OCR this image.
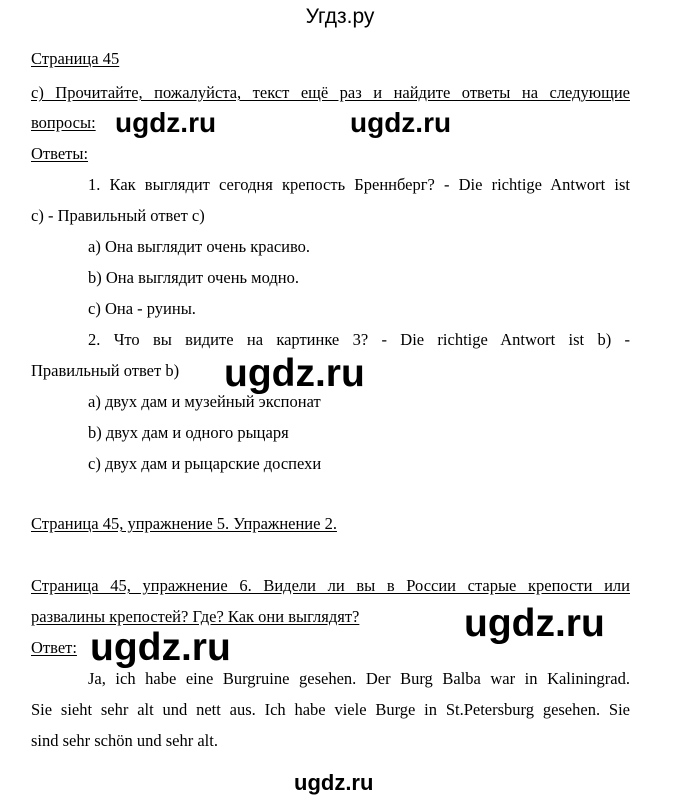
Угдз.ру
Страница 45
c) Прочитайте, пожалуйста, текст ещё раз и найдите ответы на следующие
вопросы:
Ответы:
1. Как выглядит сегодня крепость Бреннберг? - Die richtige Antwort ist
c) - Правильный ответ c)
a) Она выглядит очень красиво.
b) Она выглядит очень модно.
c) Она - руины.
2. Что вы видите на картинке 3? - Die richtige Antwort ist b) -
Правильный ответ b)
a) двух дам и музейный экспонат
b) двух дам и одного рыцаря
c) двух дам и рыцарские доспехи
Страница 45, упражнение 5. Упражнение 2.
Страница 45, упражнение 6. Видели ли вы в России старые крепости или
развалины крепостей? Где? Как они выглядят?
Ответ:
Ja, ich habe eine Burgruine gesehen. Der Burg Balba war in Kaliningrad.
Sie sieht sehr alt und nett aus. Ich habe viele Burge in St.Petersburg gesehen. Sie
sind sehr schön und sehr alt.
ugdz.ru	ugdz.ru
ugdz.ru
ugdz.ru
ugdz.ru
ugdz.ru
